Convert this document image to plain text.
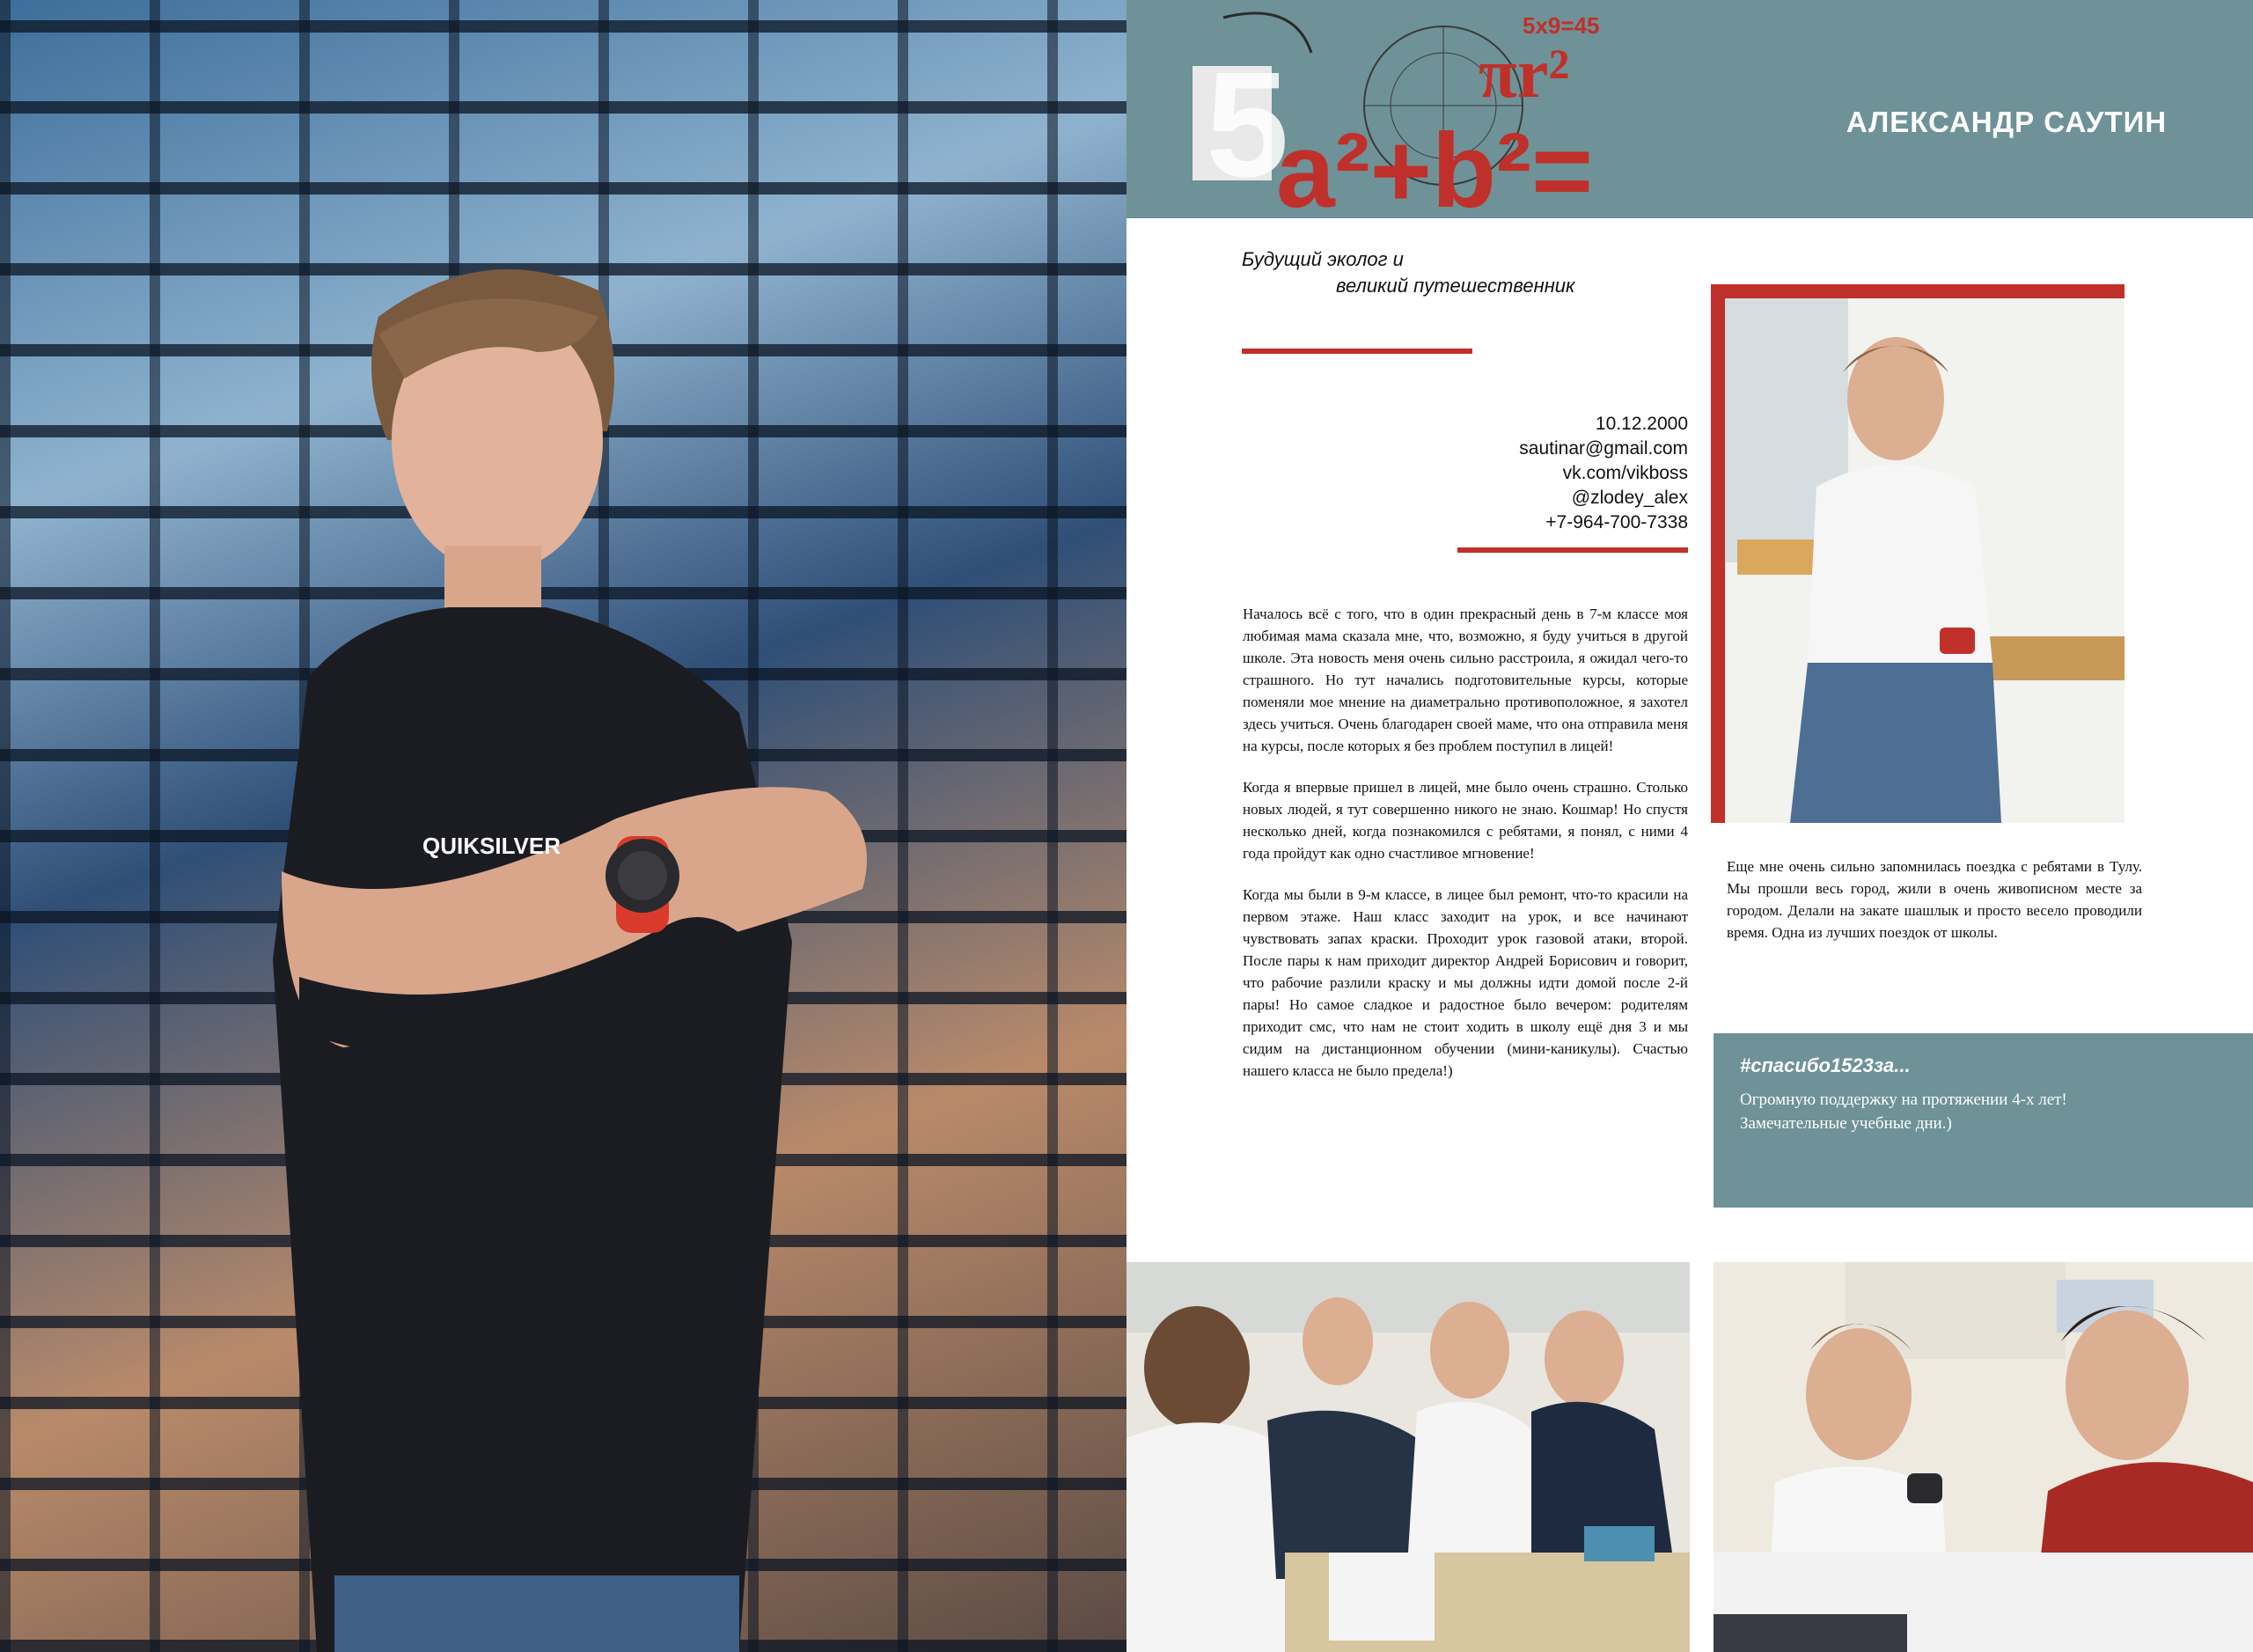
QUIKSILVER
5
5x9=45
πr²
a²+b²=	АЛЕКСАНДР САУТИН
Будущий эколог и
великий путешественник
10.12.2000
sautinar@gmail.com
vk.com/vikboss
@zlodey_alex
+7-964-700-7338

Началось всё с того, что в один прекрасный день в 7-м классе моя любимая мама сказала мне, что, возможно, я буду учиться в другой школе. Эта новость меня очень сильно расстроила, я ожидал чего-то страшного. Но тут начались подготовительные курсы, которые поменяли мое мнение на диаметрально противоположное, я захотел здесь учиться. Очень благодарен своей маме, что она отправила меня на курсы, после которых я без проблем поступил в лицей!

Когда я впервые пришел в лицей, мне было очень страшно. Столько новых людей, я тут совершенно никого не знаю. Кошмар! Но спустя несколько дней, когда познакомился с ребятами, я понял, с ними 4 года пройдут как одно счастливое мгновение!

Когда мы были в 9-м классе, в лицее был ремонт, что-то красили на первом этаже. Наш класс заходит на урок, и все начинают чувствовать запах краски. Проходит урок газовой атаки, второй. После пары к нам приходит директор Андрей Борисович и говорит, что рабочие разлили краску и мы должны идти домой после 2-й пары! Но самое сладкое и радостное было вечером: родителям приходит смс, что нам не стоит ходить в школу ещё дня 3 и мы сидим на дистанционном обучении (мини-каникулы). Счастью нашего класса не было предела!)

Еще мне очень сильно запомнилась поездка с ребятами в Тулу. Мы прошли весь город, жили в очень живописном месте за городом. Делали на закате шашлык и просто весело проводили время. Одна из лучших поездок от школы.
#спасибо1523за...
Огромную поддержку на протяжении 4-х лет! Замечательные учебные дни.)
